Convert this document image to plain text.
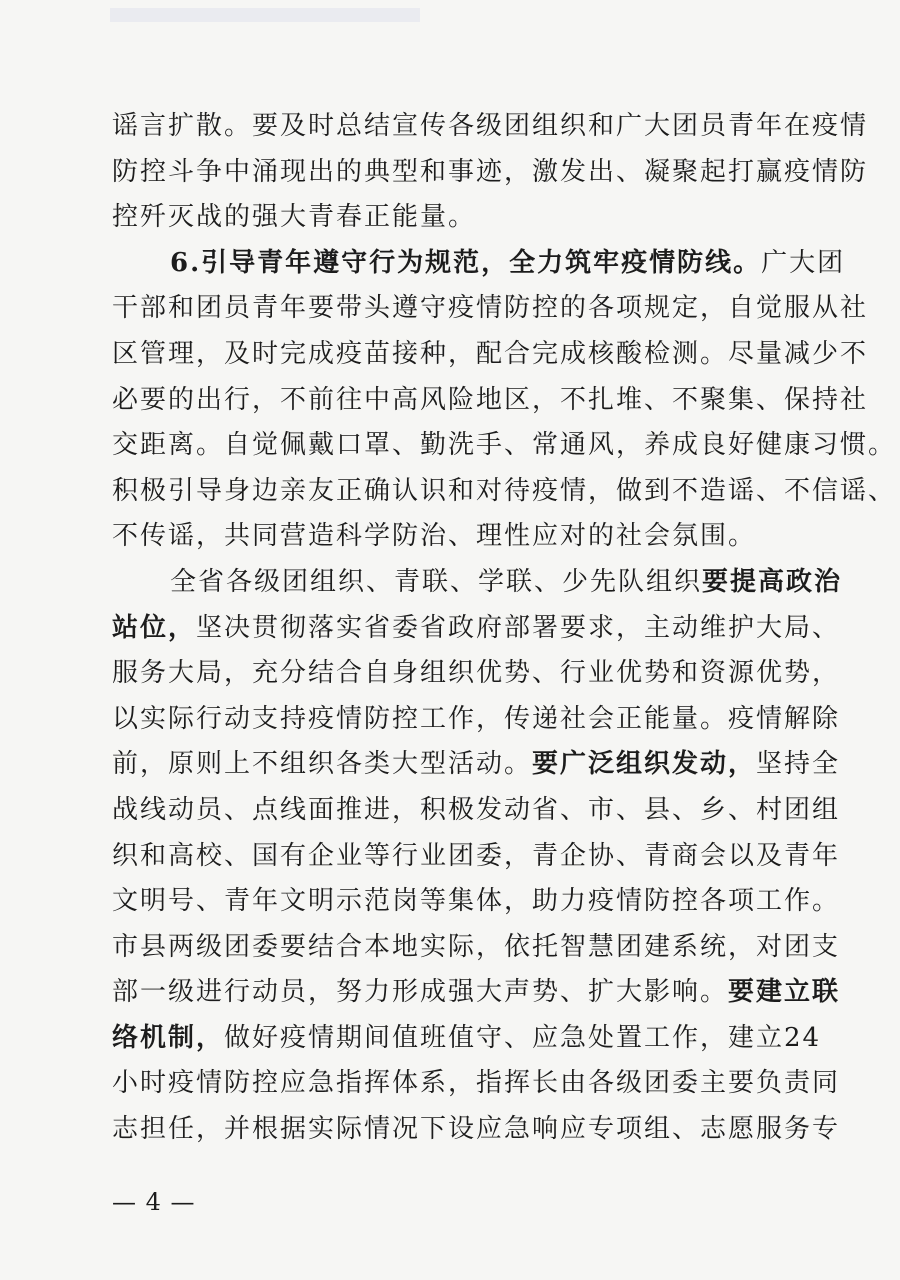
谣言扩散。要及时总结宣传各级团组织和广大团员青年在疫情

防控斗争中涌现出的典型和事迹，激发出、凝聚起打赢疫情防

控歼灭战的强大青春正能量。

6.引导青年遵守行为规范，全力筑牢疫情防线。广大团

干部和团员青年要带头遵守疫情防控的各项规定，自觉服从社

区管理，及时完成疫苗接种，配合完成核酸检测。尽量减少不

必要的出行，不前往中高风险地区，不扎堆、不聚集、保持社

交距离。自觉佩戴口罩、勤洗手、常通风，养成良好健康习惯。

积极引导身边亲友正确认识和对待疫情，做到不造谣、不信谣、

不传谣，共同营造科学防治、理性应对的社会氛围。

全省各级团组织、青联、学联、少先队组织要提高政治

站位，坚决贯彻落实省委省政府部署要求，主动维护大局、

服务大局，充分结合自身组织优势、行业优势和资源优势，

以实际行动支持疫情防控工作，传递社会正能量。疫情解除

前，原则上不组织各类大型活动。要广泛组织发动，坚持全

战线动员、点线面推进，积极发动省、市、县、乡、村团组

织和高校、国有企业等行业团委，青企协、青商会以及青年

文明号、青年文明示范岗等集体，助力疫情防控各项工作。

市县两级团委要结合本地实际，依托智慧团建系统，对团支

部一级进行动员，努力形成强大声势、扩大影响。要建立联

络机制，做好疫情期间值班值守、应急处置工作，建立24

小时疫情防控应急指挥体系，指挥长由各级团委主要负责同

志担任，并根据实际情况下设应急响应专项组、志愿服务专

— 4 —
